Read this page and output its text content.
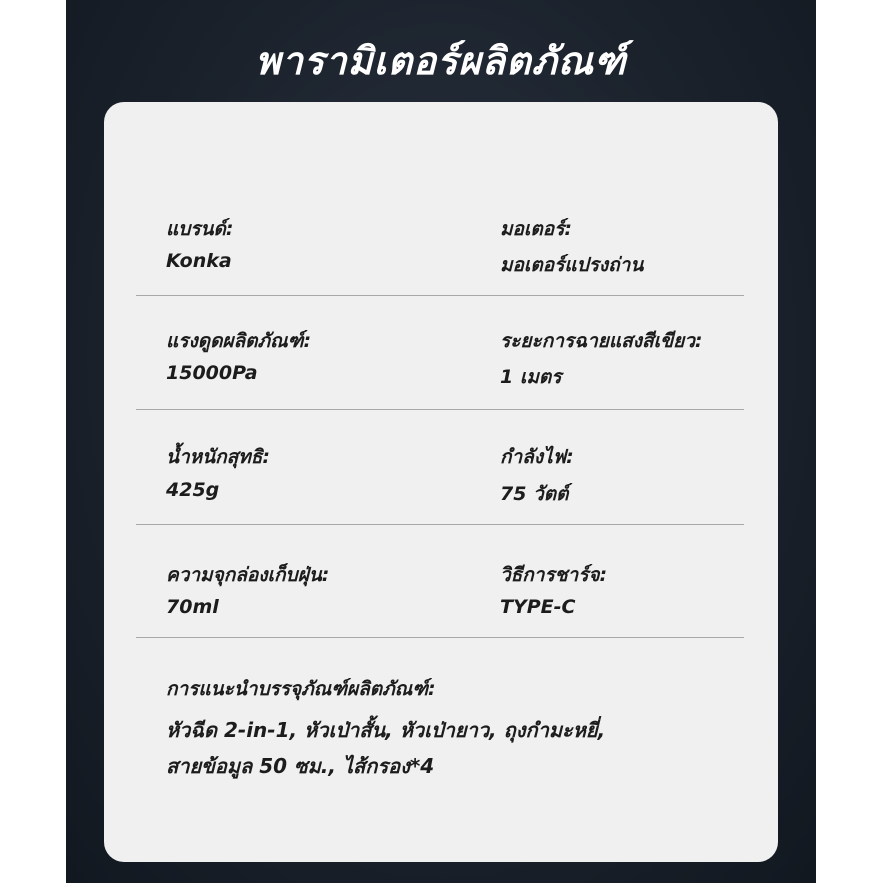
พารามิเตอร์ผลิตภัณฑ์
แบรนด์:
Konka
มอเตอร์:
มอเตอร์แปรงถ่าน
แรงดูดผลิตภัณฑ์:
15000Pa
ระยะการฉายแสงสีเขียว:
1 เมตร
น้ำหนักสุทธิ:
425g
กำลังไฟ:
75 วัตต์
ความจุกล่องเก็บฝุ่น:
70ml
วิธีการชาร์จ:
TYPE-C
การแนะนำบรรจุภัณฑ์ผลิตภัณฑ์:
หัวฉีด 2-in-1, หัวเป่าสั้น, หัวเป่ายาว, ถุงกำมะหยี่,
สายข้อมูล 50 ซม., ไส้กรอง*4
